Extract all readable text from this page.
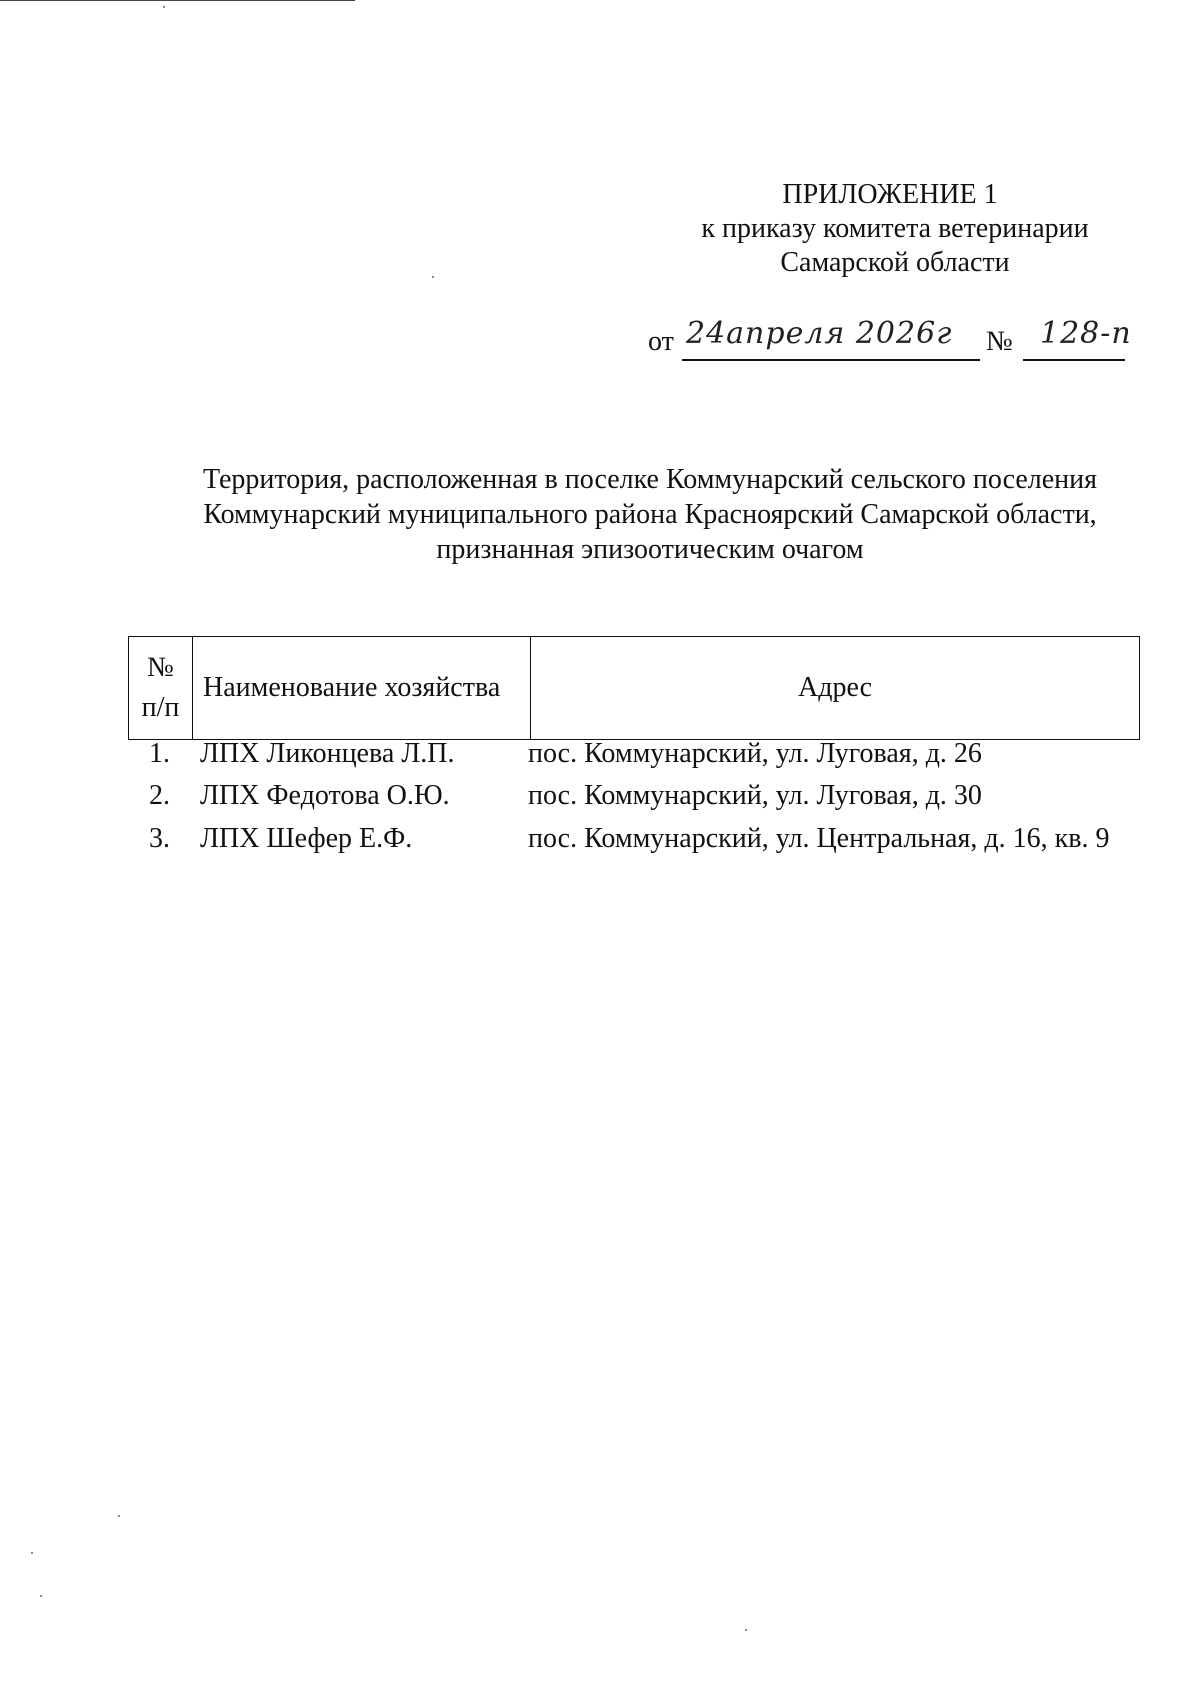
ПРИЛОЖЕНИЕ 1
к приказу комитета ветеринарии
Самарской области
от 24апреля 2026г № 128-п
Территория, расположенная в поселке Коммунарский сельского поселения
Коммунарский муниципального района Красноярский Самарской области,
признанная эпизоотическим очагом
№
п/п
	Наименование хозяйства	Адрес
1. ЛПХ Ликонцева Л.П.	пос. Коммунарский, ул. Луговая, д. 26
2. ЛПХ Федотова О.Ю.	пос. Коммунарский, ул. Луговая, д. 30
3. ЛПХ Шефер Е.Ф.	пос. Коммунарский, ул. Центральная, д. 16, кв. 9
